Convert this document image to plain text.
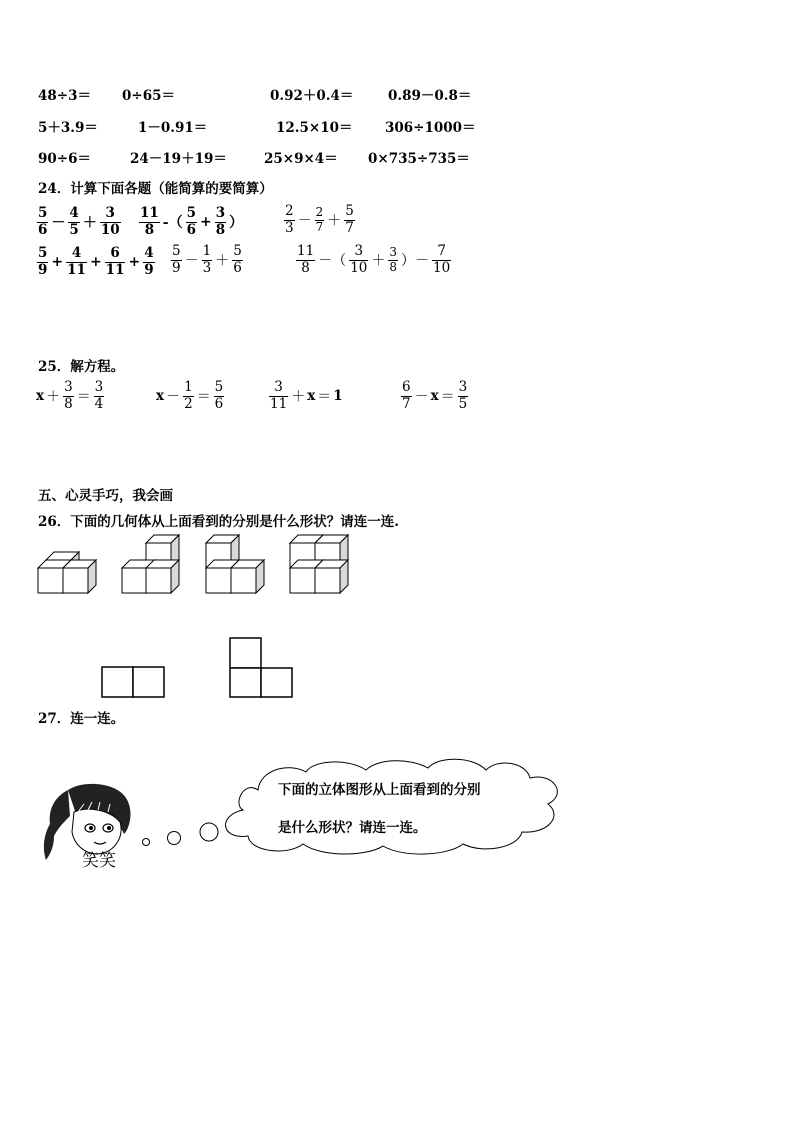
48÷3＝ 0÷65＝	0.92＋0.4＝	0.89－0.8＝
5＋3.9＝	1－0.91＝	12.5×10＝ 306÷1000＝
90÷6＝	24－19＋19＝	25×9×4＝ 0×735÷735＝
24．计算下面各题（能简算的要简算）
$\frac{5}{6} - \frac{4}{5} + \frac{3}{10} \frac{11}{8}$ -（ $\frac{5}{6} + \frac{3}{8}$ ）	$\frac{2}{3} - \frac{2}{7} + \frac{5}{7}$
$\frac{5}{9} + \frac{4}{11} + \frac{6}{11} + \frac{4}{9} \frac{5}{9} - \frac{1}{3} + \frac{5}{6}$	$\frac{11}{8}$ －（ $\frac{3}{10} + \frac{3}{8}$ ）－ $\frac{7}{10}$
25．解方程。
$x + \frac{3}{8} = \frac{3}{4}$	$x - \frac{1}{2} = \frac{5}{6}$	$\frac{3}{11} + x = 1$	$\frac{6}{7} - x = \frac{3}{5}$
五、心灵手巧，我会画
26．下面的几何体从上面看到的分别是什么形状？请连一连.
27．连一连。
笑笑
下面的立体图形从上面看到的分别
是什么形状？请连一连。
